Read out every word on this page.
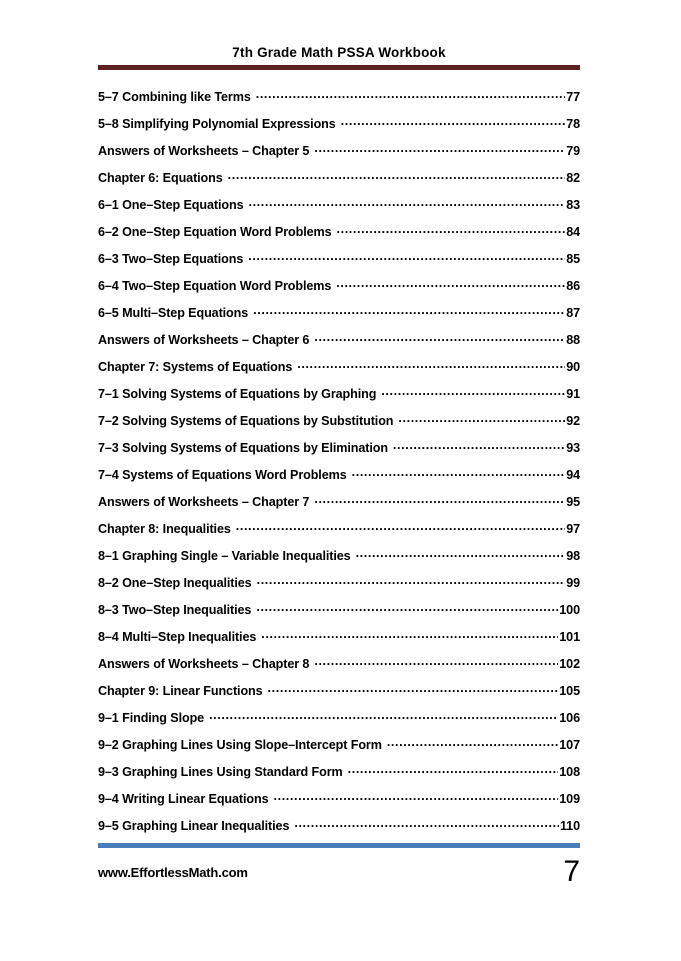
7th Grade Math PSSA Workbook
5–7 Combining like Terms .....	77
5–8 Simplifying Polynomial Expressions .....	78
Answers of Worksheets – Chapter 5 .....	79
Chapter 6: Equations .....	82
6–1 One–Step Equations .....	83
6–2 One–Step Equation Word Problems .....	84
6–3 Two–Step Equations .....	85
6–4 Two–Step Equation Word Problems .....	86
6–5 Multi–Step Equations .....	87
Answers of Worksheets – Chapter 6 .....	88
Chapter 7: Systems of Equations .....	90
7–1 Solving Systems of Equations by Graphing .....	91
7–2 Solving Systems of Equations by Substitution .....	92
7–3 Solving Systems of Equations by Elimination .....	93
7–4 Systems of Equations Word Problems .....	94
Answers of Worksheets – Chapter 7 .....	95
Chapter 8: Inequalities .....	97
8–1 Graphing Single – Variable Inequalities .....	98
8–2 One–Step Inequalities .....	99
8–3 Two–Step Inequalities .....	100
8–4 Multi–Step Inequalities .....	101
Answers of Worksheets – Chapter 8 .....	102
Chapter 9: Linear Functions .....	105
9–1 Finding Slope .....	106
9–2 Graphing Lines Using Slope–Intercept Form .....	107
9–3 Graphing Lines Using Standard Form .....	108
9–4 Writing Linear Equations .....	109
9–5 Graphing Linear Inequalities .....	110
www.EffortlessMath.com	7
